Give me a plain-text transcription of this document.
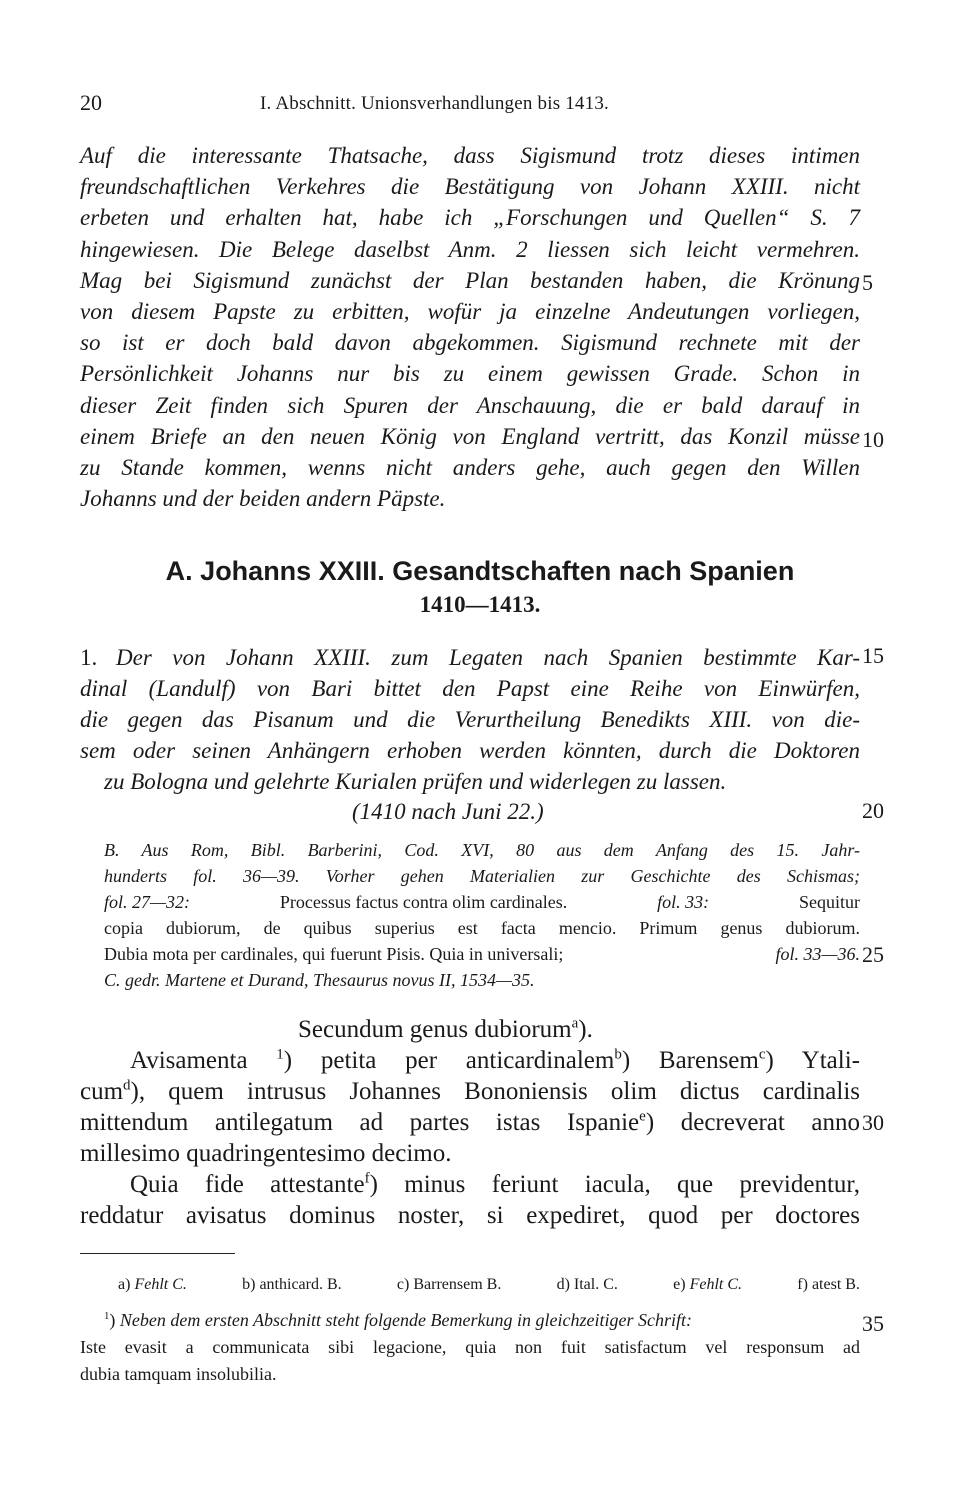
20	I. Abschnitt. Unionsverhandlungen bis 1413.
Auf die interessante Thatsache, dass Sigismund trotz dieses intimen
freundschaftlichen Verkehres die Bestätigung von Johann XXIII. nicht
erbeten und erhalten hat, habe ich „Forschungen und Quellen“ S. 7
hingewiesen. Die Belege daselbst Anm. 2 liessen sich leicht vermehren.
Mag bei Sigismund zunächst der Plan bestanden haben, die Krönung
von diesem Papste zu erbitten, wofür ja einzelne Andeutungen vorliegen,
so ist er doch bald davon abgekommen. Sigismund rechnete mit der
Persönlichkeit Johanns nur bis zu einem gewissen Grade. Schon in
dieser Zeit finden sich Spuren der Anschauung, die er bald darauf in
einem Briefe an den neuen König von England vertritt, das Konzil müsse
zu Stande kommen, wenns nicht anders gehe, auch gegen den Willen
Johanns und der beiden andern Päpste.
5
10
15
20
25
30
35
A. Johanns XXIII. Gesandtschaften nach Spanien
1410—1413.
1. Der von Johann XXIII. zum Legaten nach Spanien bestimmte Kar-
dinal (Landulf) von Bari bittet den Papst eine Reihe von Einwürfen,
die gegen das Pisanum und die Verurtheilung Benedikts XIII. von die-
sem oder seinen Anhängern erhoben werden könnten, durch die Doktoren
zu Bologna und gelehrte Kurialen prüfen und widerlegen zu lassen.
(1410 nach Juni 22.)
B. Aus Rom, Bibl. Barberini, Cod. XVI, 80 aus dem Anfang des 15. Jahr-
hunderts fol. 36—39. Vorher gehen Materialien zur Geschichte des Schismas;
fol. 27—32:	Processus factus contra olim cardinales.	fol. 33:	Sequitur
copia dubiorum, de quibus superius est facta mencio. Primum genus dubiorum.
Dubia mota per cardinales, qui fuerunt Pisis. Quia in universali;	fol. 33—36.
C. gedr. Martene et Durand, Thesaurus novus II, 1534—35.
Secundum genus dubiorum$^a$).
Avisamenta $^1$) petita per anticardinalem$^b$) Barensem$^c$) Ytali-
cum$^d$), quem intrusus Johannes Bononiensis olim dictus cardinalis
mittendum antilegatum ad partes istas Ispanie$^e$) decreverat anno
millesimo quadringentesimo decimo.
Quia fide attestante$^f$) minus feriunt iacula, que previdentur,
reddatur avisatus dominus noster, si expediret, quod per doctores
a) Fehlt C.	b) anthicard. B.	c) Barrensem B.	d) Ital. C.	e) Fehlt C.	f) atest B.
$^1$) Neben dem ersten Abschnitt steht folgende Bemerkung in gleichzeitiger Schrift:
Iste evasit a communicata sibi legacione, quia non fuit satisfactum vel responsum ad
dubia tamquam insolubilia.
